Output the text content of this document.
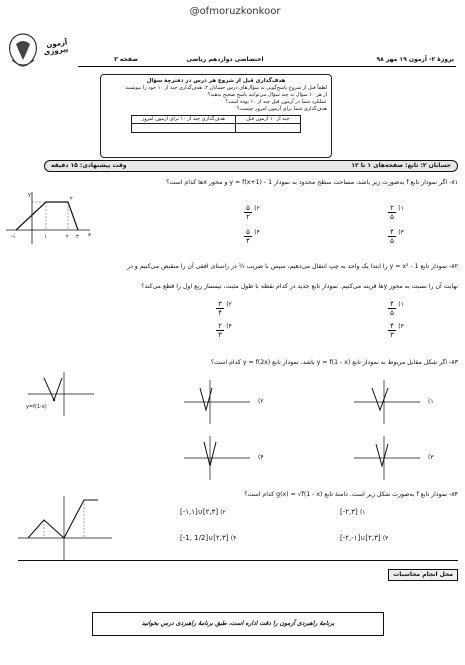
@ofmoruzkonkoor
آزمون پیروزی
پروژهٔ ۲- آزمون ۱۹ مهر ۹۸
اختصاصی دوازدهم ریاضی
صفحه ۳
هدف‌گذاری قبل از شروع هر درس در دفترچهٔ سؤال
لطفاً قبل از شروع پاسخ‌گویی به سؤال‌های درس حسابان ۲، هدف‌گذاری چند از ۱۰ خود را بنویسید:
از هر ۱۰ سؤال به چند سؤال می‌توانید پاسخ صحیح بدهید؟
عملکرد شما در آزمون قبل چند از ۱۰ بوده است؟
هدف‌گذاری شما برای آزمون امروز چیست؟
چند از ۱۰ آزمون قبل
هدف‌گذاری چند از ۱۰ برای آزمون امروز
حسابان ۲: تابع: صفحه‌های ۱ تا ۱۲
وقت پیشنهادی: ۱۵ دقیقه
۸۱- اگر نمودار تابع f به‌صورت زیر باشد، مساحت سطح محدود به نمودار y = f(x+1) - 1 و محور x‌ها کدام است؟
y
x
۲
-۱	۱	۲ ۳
$\frac{۲}{۵}$ (۱
$\frac{۵}{۲}$ (۲
$\frac{۴}{۵}$ (۳
$\frac{۵}{۴}$ (۴
۸۲- نمودار تابع y = x² - 1 را ابتدا یک واحد به چپ انتقال می‌دهیم، سپس با ضریب ½ در راستای افقی آن را منقبض می‌کنیم و در
نهایت آن را نسبت به محور y‌ها قرینه می‌کنیم. نمودار تابع جدید در کدام نقطه با طول مثبت، نیمساز ربع اول را قطع می‌کند؟
$\frac{۴}{۵}$ (۱
$\frac{۳}{۴}$ (۲
$\frac{۴}{۳}$ (۳
$\frac{۲}{۳}$ (۴
۸۳- اگر شکل مقابل مربوط به نمودار تابع y = f(1 - x) باشد، نمودار تابع y = f(2x) کدام است؟
y=f(1-x)
(۱
(۲
(۳
(۴
۸۴- نمودار تابع f به‌صورت شکل زیر است. دامنهٔ تابع g(x) = √f(1 - x) کدام است؟
[-۲,۳] (۱
[-۱,۱]∪[۲,۳] (۲
[-۲,-۱]∪[۲,۳] (۳
[-1, 1/2]∪[۲,۳] (۴
محل انجام محاسبات
برنامهٔ راهبردی آزمون را دقت اداره است، طبق برنامهٔ راهبردی درس بخوانید
